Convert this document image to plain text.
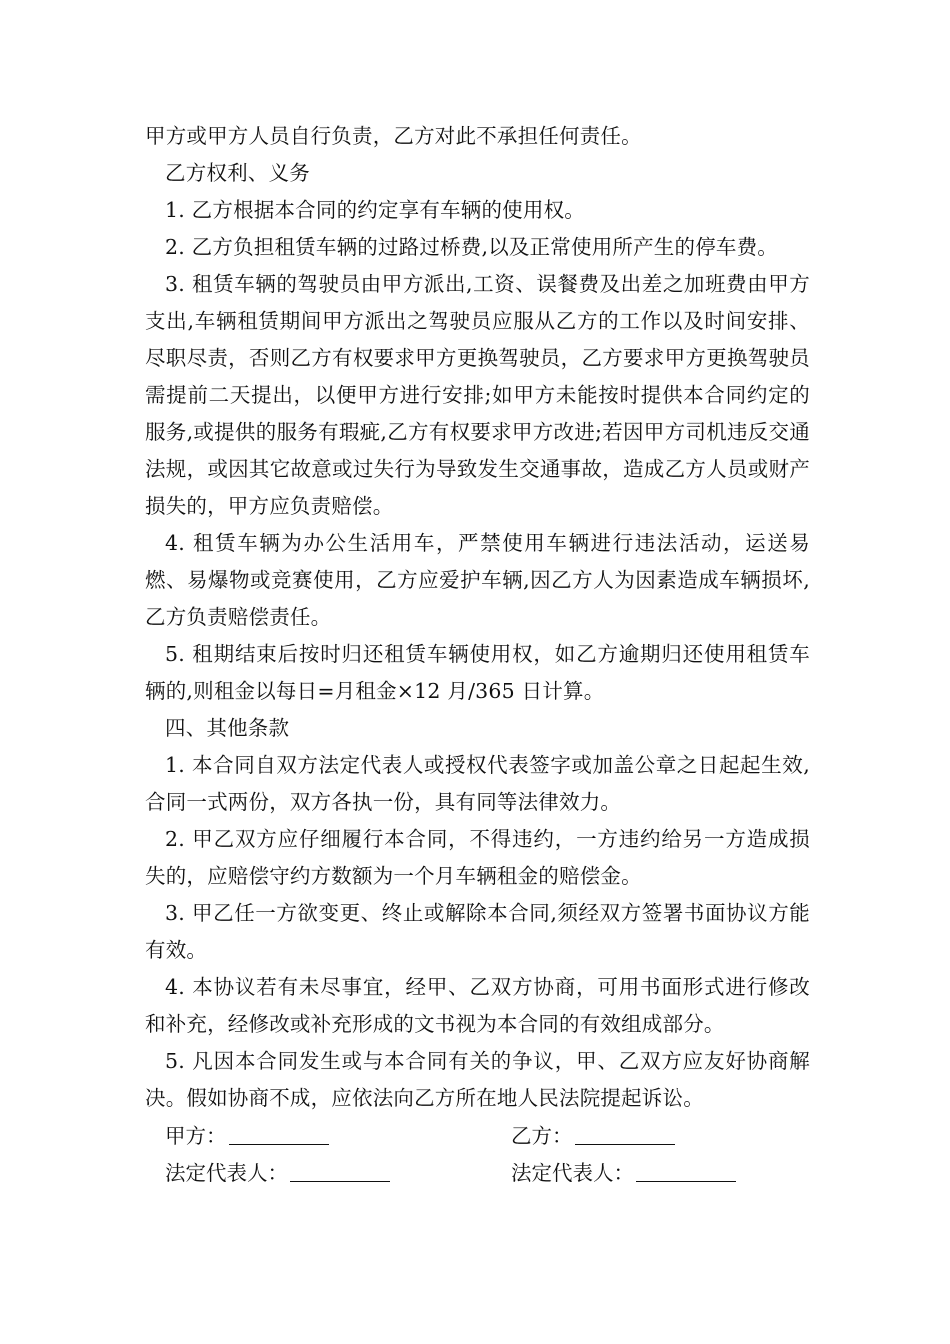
甲方或甲方人员自行负责，乙方对此不承担任何责任。

乙方权利、义务

1. 乙方根据本合同的约定享有车辆的使用权。

2. 乙方负担租赁车辆的过路过桥费,以及正常使用所产生的停车费。

3. 租赁车辆的驾驶员由甲方派出,工资、误餐费及出差之加班费由甲方支出,车辆租赁期间甲方派出之驾驶员应服从乙方的工作以及时间安排、尽职尽责，否则乙方有权要求甲方更换驾驶员，乙方要求甲方更换驾驶员需提前二天提出，以便甲方进行安排;如甲方未能按时提供本合同约定的服务,或提供的服务有瑕疵,乙方有权要求甲方改进;若因甲方司机违反交通法规，或因其它故意或过失行为导致发生交通事故，造成乙方人员或财产损失的，甲方应负责赔偿。

4. 租赁车辆为办公生活用车，严禁使用车辆进行违法活动，运送易燃、易爆物或竞赛使用，乙方应爱护车辆,因乙方人为因素造成车辆损坏,乙方负责赔偿责任。

5. 租期结束后按时归还租赁车辆使用权，如乙方逾期归还使用租赁车辆的,则租金以每日=月租金×12 月/365 日计算。

四、其他条款

1. 本合同自双方法定代表人或授权代表签字或加盖公章之日起起生效,合同一式两份，双方各执一份，具有同等法律效力。

2. 甲乙双方应仔细履行本合同，不得违约，一方违约给另一方造成损失的，应赔偿守约方数额为一个月车辆租金的赔偿金。

3. 甲乙任一方欲变更、终止或解除本合同,须经双方签署书面协议方能有效。

4. 本协议若有未尽事宜，经甲、乙双方协商，可用书面形式进行修改和补充，经修改或补充形成的文书视为本合同的有效组成部分。

5. 凡因本合同发生或与本合同有关的争议，甲、乙双方应友好协商解决。假如协商不成，应依法向乙方所在地人民法院提起诉讼。

甲方：	乙方：
法定代表人：	法定代表人：
